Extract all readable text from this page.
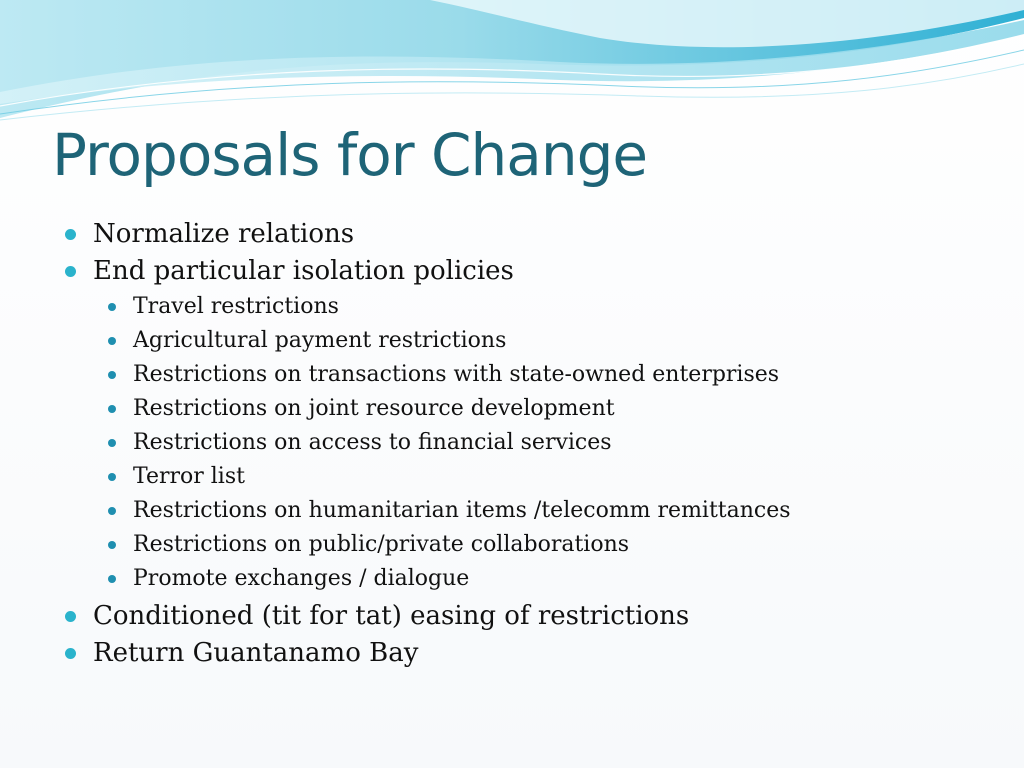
Proposals for Change
Normalize relations
End particular isolation policies
Travel restrictions
Agricultural payment restrictions
Restrictions on transactions with state-owned enterprises
Restrictions on joint resource development
Restrictions on access to financial services
Terror list
Restrictions on humanitarian items /telecomm remittances
Restrictions on public/private collaborations
Promote exchanges / dialogue
Conditioned (tit for tat) easing of restrictions
Return Guantanamo Bay
